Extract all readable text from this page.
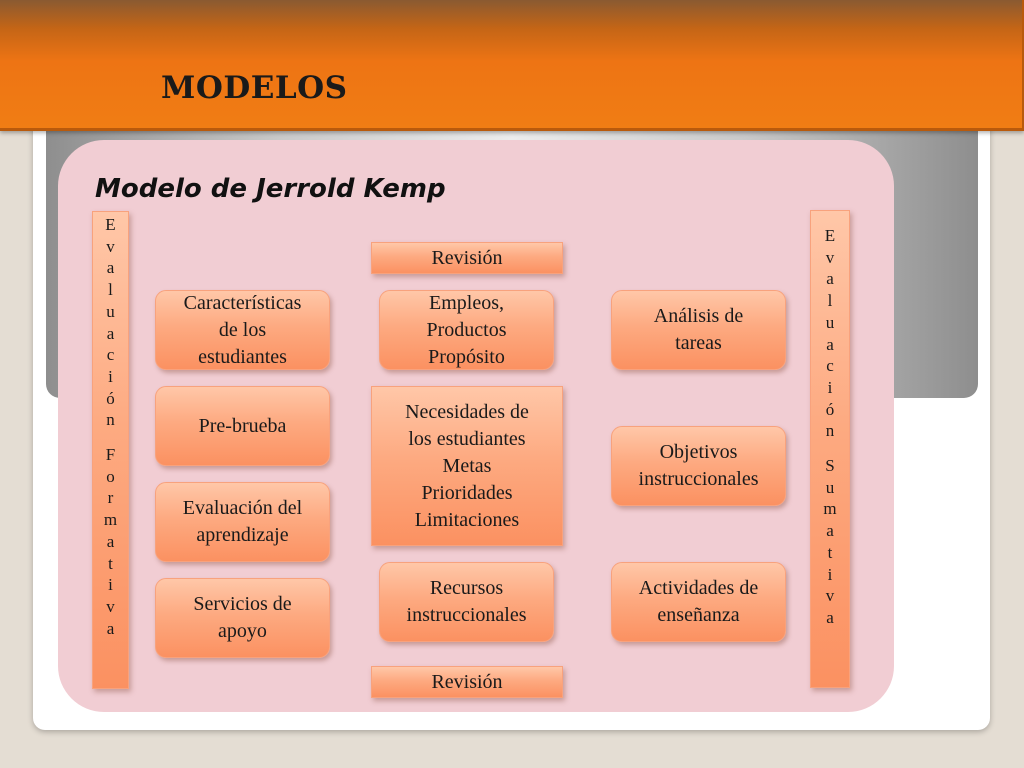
MODELOS
Modelo de Jerrold Kemp
E
v
a
l
u
a
c
i
ó
n
F
o
r
m
a
t
i
v
a
E
v
a
l
u
a
c
i
ó
n
S
u
m
a
t
i
v
a
Revisión
Empleos,
Productos
Propósito
Necesidades de
los estudiantes
Metas
Prioridades
Limitaciones
Recursos
instruccionales
Revisión
Características
de los
estudiantes
Pre-brueba
Evaluación del
aprendizaje
Servicios de
apoyo
Análisis de
tareas
Objetivos
instruccionales
Actividades de
enseñanza
